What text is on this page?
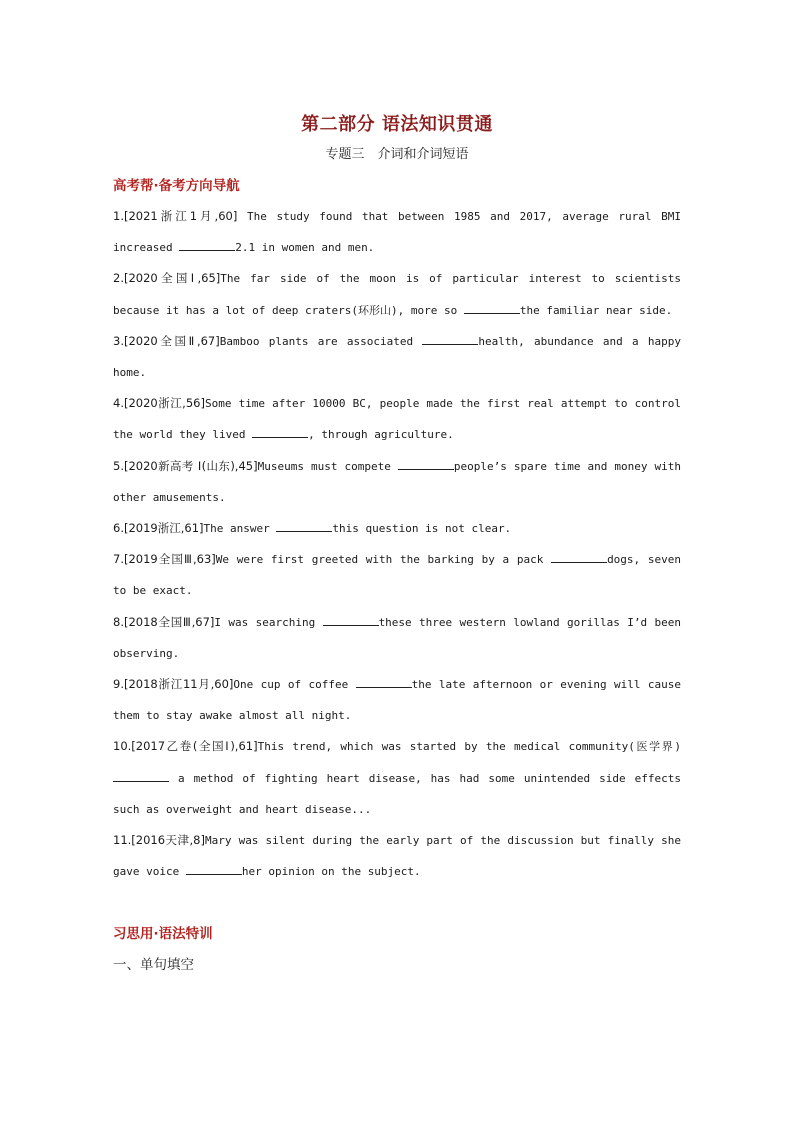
第二部分 语法知识贯通
专题三　介词和介词短语
高考帮·备考方向导航
1.[2021浙江1月,60] The study found that between 1985 and 2017, average rural BMI increased	2.1 in women and men.
2.[2020全国Ⅰ,65]The far side of the moon is of particular interest to scientists because it has a lot of deep craters(环形山), more so	the familiar near side.
3.[2020全国Ⅱ,67]Bamboo plants are associated	health, abundance and a happy home.
4.[2020浙江,56]Some time after 10000 BC, people made the first real attempt to control the world they lived	, through agriculture.
5.[2020新高考 Ⅰ(山东),45]Museums must compete	people’s spare time and money with other amusements.
6.[2019浙江,61]The answer	this question is not clear.
7.[2019全国Ⅲ,63]We were first greeted with the barking by a pack	dogs, seven to be exact.
8.[2018全国Ⅲ,67]I was searching	these three western lowland gorillas I’d been observing.
9.[2018浙江11月,60]One cup of coffee	the late afternoon or evening will cause them to stay awake almost all night.
10.[2017乙卷(全国Ⅰ),61]This trend, which was started by the medical community(医学界) a method of fighting heart disease, has had some unintended side effects such as overweight and heart disease...
11.[2016天津,8]Mary was silent during the early part of the discussion but finally she gave voice	her opinion on the subject.
习思用·语法特训
一、单句填空
